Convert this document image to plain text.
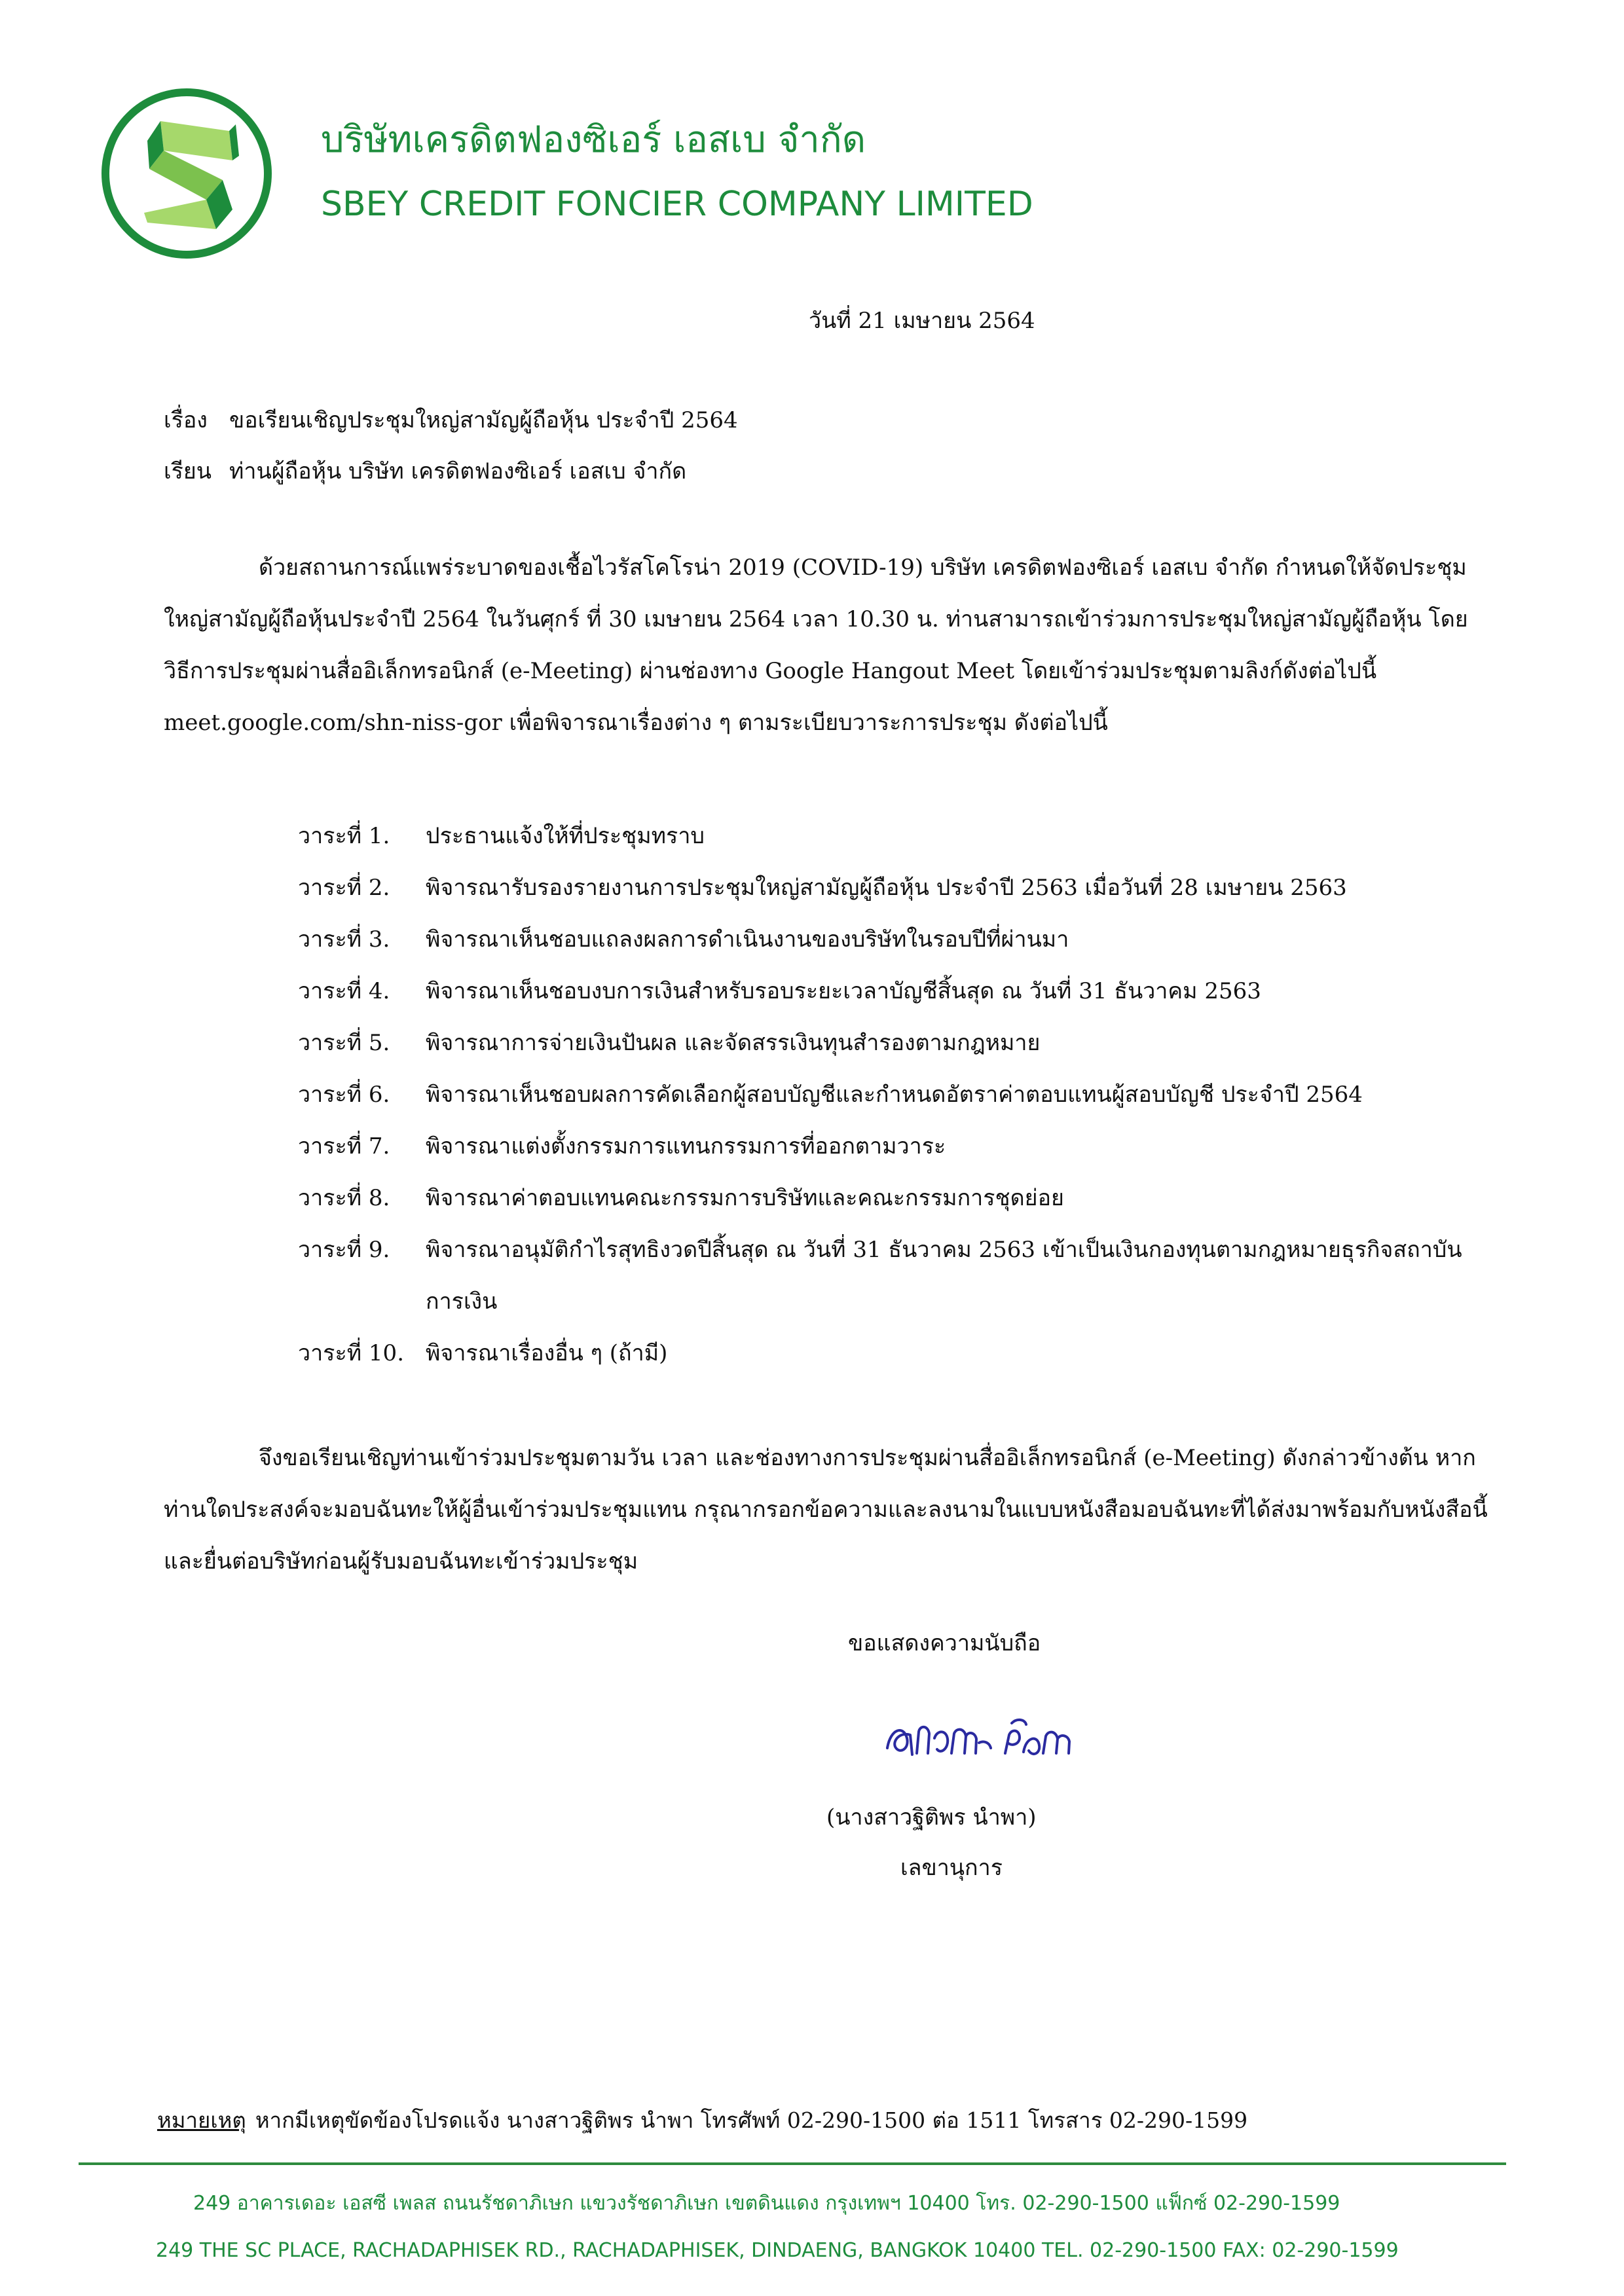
บริษัทเครดิตฟองซิเอร์ เอสเบ จำกัด
SBEY CREDIT FONCIER COMPANY LIMITED
วันที่ 21 เมษายน 2564
เรื่อง ขอเรียนเชิญประชุมใหญ่สามัญผู้ถือหุ้น ประจำปี 2564
เรียน ท่านผู้ถือหุ้น บริษัท เครดิตฟองซิเอร์ เอสเบ จำกัด
ด้วยสถานการณ์แพร่ระบาดของเชื้อไวรัสโคโรน่า 2019 (COVID-19) บริษัท เครดิตฟองซิเอร์ เอสเบ จำกัด กำหนดให้จัดประชุมใหญ่สามัญผู้ถือหุ้นประจำปี 2564 ในวันศุกร์ ที่ 30 เมษายน 2564 เวลา 10.30 น. ท่านสามารถเข้าร่วมการประชุมใหญ่สามัญผู้ถือหุ้น โดยวิธีการประชุมผ่านสื่ออิเล็กทรอนิกส์ (e-Meeting) ผ่านช่องทาง Google Hangout Meet โดยเข้าร่วมประชุมตามลิงก์ดังต่อไปนี้ meet.google.com/shn-niss-gor เพื่อพิจารณาเรื่องต่าง ๆ ตามระเบียบวาระการประชุม ดังต่อไปนี้
วาระที่ 1.	ประธานแจ้งให้ที่ประชุมทราบ
วาระที่ 2.	พิจารณารับรองรายงานการประชุมใหญ่สามัญผู้ถือหุ้น ประจำปี 2563 เมื่อวันที่ 28 เมษายน 2563
วาระที่ 3.	พิจารณาเห็นชอบแถลงผลการดำเนินงานของบริษัทในรอบปีที่ผ่านมา
วาระที่ 4.	พิจารณาเห็นชอบงบการเงินสำหรับรอบระยะเวลาบัญชีสิ้นสุด ณ วันที่ 31 ธันวาคม 2563
วาระที่ 5.	พิจารณาการจ่ายเงินปันผล และจัดสรรเงินทุนสำรองตามกฎหมาย
วาระที่ 6.	พิจารณาเห็นชอบผลการคัดเลือกผู้สอบบัญชีและกำหนดอัตราค่าตอบแทนผู้สอบบัญชี ประจำปี 2564
วาระที่ 7.	พิจารณาแต่งตั้งกรรมการแทนกรรมการที่ออกตามวาระ
วาระที่ 8.	พิจารณาค่าตอบแทนคณะกรรมการบริษัทและคณะกรรมการชุดย่อย
วาระที่ 9.	พิจารณาอนุมัติกำไรสุทธิงวดปีสิ้นสุด ณ วันที่ 31 ธันวาคม 2563 เข้าเป็นเงินกองทุนตามกฎหมายธุรกิจสถาบันการเงิน
วาระที่ 10. พิจารณาเรื่องอื่น ๆ (ถ้ามี)
จึงขอเรียนเชิญท่านเข้าร่วมประชุมตามวัน เวลา และช่องทางการประชุมผ่านสื่ออิเล็กทรอนิกส์ (e-Meeting) ดังกล่าวข้างต้น หากท่านใดประสงค์จะมอบฉันทะให้ผู้อื่นเข้าร่วมประชุมแทน กรุณากรอกข้อความและลงนามในแบบหนังสือมอบฉันทะที่ได้ส่งมาพร้อมกับหนังสือนี้ และยื่นต่อบริษัทก่อนผู้รับมอบฉันทะเข้าร่วมประชุม
ขอแสดงความนับถือ
(นางสาวฐิติพร นำพา)
เลขานุการ
หมายเหตุ หากมีเหตุขัดข้องโปรดแจ้ง นางสาวฐิติพร นำพา โทรศัพท์ 02-290-1500 ต่อ 1511 โทรสาร 02-290-1599
249 อาคารเดอะ เอสซี เพลส ถนนรัชดาภิเษก แขวงรัชดาภิเษก เขตดินแดง กรุงเทพฯ 10400 โทร. 02-290-1500 แฟ็กซ์ 02-290-1599
249 THE SC PLACE, RACHADAPHISEK RD., RACHADAPHISEK, DINDAENG, BANGKOK 10400 TEL. 02-290-1500 FAX: 02-290-1599
